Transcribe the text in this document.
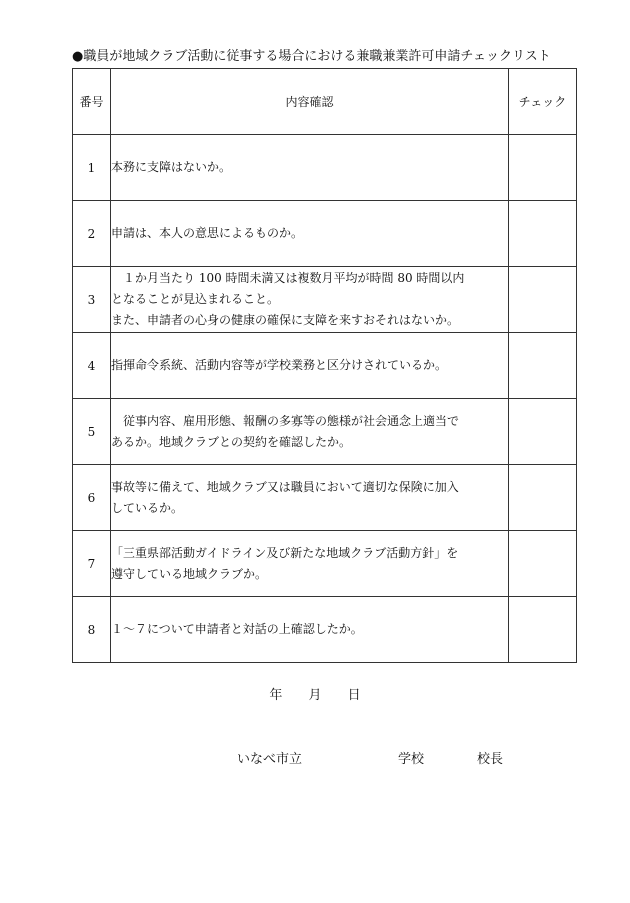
●職員が地域クラブ活動に従事する場合における兼職兼業許可申請チェックリスト
番号	内容確認	チェック
1	本務に支障はないか。	

2	申請は、本人の意思によるものか。	

3	　１か月当たり 100 時間未満又は複数月平均が時間 80 時間以内
となることが見込まれること。
また、申請者の心身の健康の確保に支障を来すおそれはないか。	

4	指揮命令系統、活動内容等が学校業務と区分けされているか。	

5	　従事内容、雇用形態、報酬の多寡等の態様が社会通念上適当で
あるか。地域クラブとの契約を確認したか。	

6	事故等に備えて、地域クラブ又は職員において適切な保険に加入
しているか。	

7	「三重県部活動ガイドライン及び新たな地域クラブ活動方針」を
遵守している地域クラブか。	

8	１～７について申請者と対話の上確認したか。	

年 月 日
いなべ市立	学校	校長
